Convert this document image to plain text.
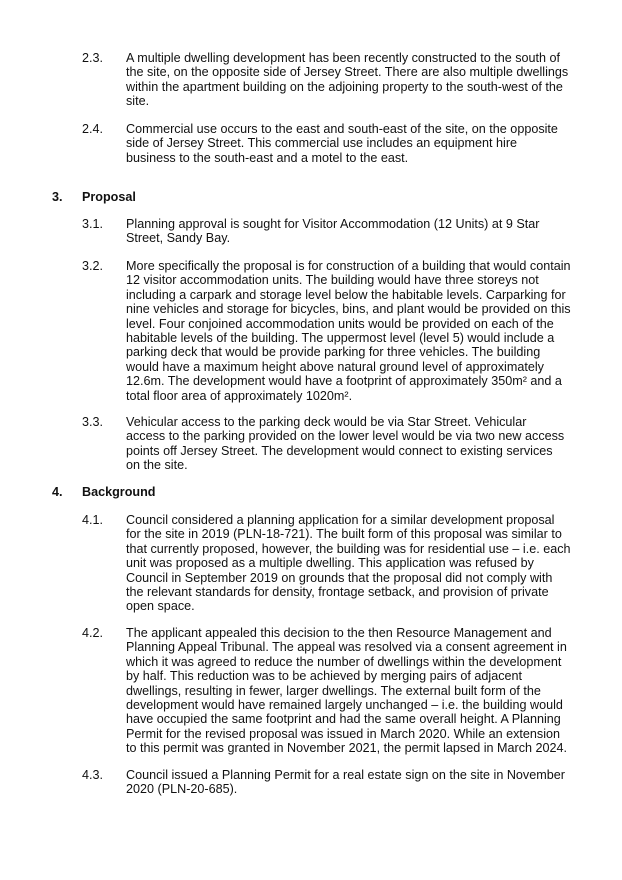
2.3. A multiple dwelling development has been recently constructed to the south of
the site, on the opposite side of Jersey Street. There are also multiple dwellings
within the apartment building on the adjoining property to the south-west of the
site.
2.4. Commercial use occurs to the east and south-east of the site, on the opposite
side of Jersey Street. This commercial use includes an equipment hire
business to the south-east and a motel to the east.
3. Proposal
3.1. Planning approval is sought for Visitor Accommodation (12 Units) at 9 Star
Street, Sandy Bay.
3.2. More specifically the proposal is for construction of a building that would contain
12 visitor accommodation units. The building would have three storeys not
including a carpark and storage level below the habitable levels. Carparking for
nine vehicles and storage for bicycles, bins, and plant would be provided on this
level. Four conjoined accommodation units would be provided on each of the
habitable levels of the building. The uppermost level (level 5) would include a
parking deck that would be provide parking for three vehicles. The building
would have a maximum height above natural ground level of approximately
12.6m. The development would have a footprint of approximately 350m² and a
total floor area of approximately 1020m².
3.3. Vehicular access to the parking deck would be via Star Street. Vehicular
access to the parking provided on the lower level would be via two new access
points off Jersey Street. The development would connect to existing services
on the site.
4. Background
4.1. Council considered a planning application for a similar development proposal
for the site in 2019 (PLN-18-721). The built form of this proposal was similar to
that currently proposed, however, the building was for residential use – i.e. each
unit was proposed as a multiple dwelling. This application was refused by
Council in September 2019 on grounds that the proposal did not comply with
the relevant standards for density, frontage setback, and provision of private
open space.
4.2. The applicant appealed this decision to the then Resource Management and
Planning Appeal Tribunal. The appeal was resolved via a consent agreement in
which it was agreed to reduce the number of dwellings within the development
by half. This reduction was to be achieved by merging pairs of adjacent
dwellings, resulting in fewer, larger dwellings. The external built form of the
development would have remained largely unchanged – i.e. the building would
have occupied the same footprint and had the same overall height. A Planning
Permit for the revised proposal was issued in March 2020. While an extension
to this permit was granted in November 2021, the permit lapsed in March 2024.
4.3. Council issued a Planning Permit for a real estate sign on the site in November
2020 (PLN-20-685).
